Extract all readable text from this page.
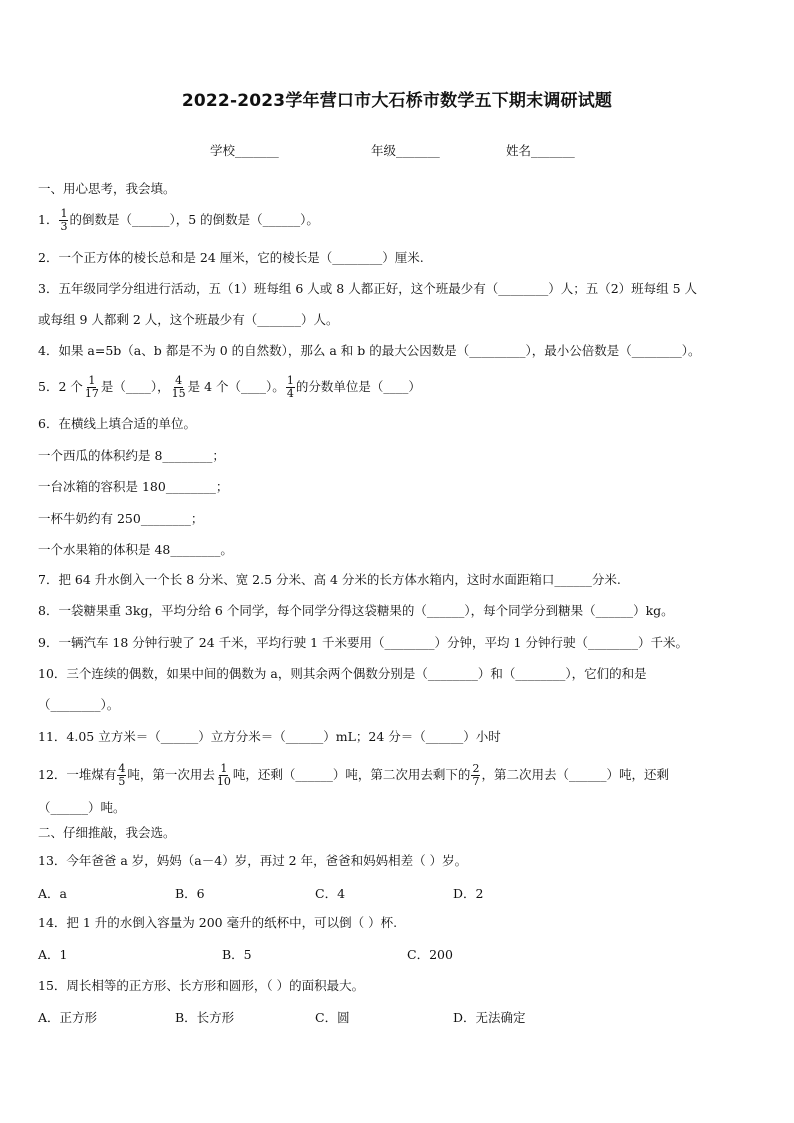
2022-2023学年营口市大石桥市数学五下期末调研试题
学校_______	年级_______	姓名_______
一、用心思考，我会填。
1． $\frac{1}{3}$ 的倒数是（______），5 的倒数是（______）。
2．一个正方体的棱长总和是 24 厘米，它的棱长是（________）厘米.
3．五年级同学分组进行活动，五（1）班每组 6 人或 8 人都正好，这个班最少有（________）人；五（2）班每组 5 人
或每组 9 人都剩 2 人，这个班最少有（_______）人。
4．如果 a=5b（a、b 都是不为 0 的自然数），那么 a 和 b 的最大公因数是（_________），最小公倍数是（________）。
5．2 个 $\frac{1}{17}$ 是（____）， $\frac{4}{15}$ 是 4 个（____）。 $\frac{1}{4}$ 的分数单位是（____）
6．在横线上填合适的单位。
一个西瓜的体积约是 8________；
一台冰箱的容积是 180________；
一杯牛奶约有 250________；
一个水果箱的体积是 48________。
7．把 64 升水倒入一个长 8 分米、宽 2.5 分米、高 4 分米的长方体水箱内，这时水面距箱口______分米.
8．一袋糖果重 3kg，平均分给 6 个同学，每个同学分得这袋糖果的（______），每个同学分到糖果（______）kg。
9．一辆汽车 18 分钟行驶了 24 千米，平均行驶 1 千米要用（________）分钟，平均 1 分钟行驶（________）千米。
10．三个连续的偶数，如果中间的偶数为 a，则其余两个偶数分别是（________）和（________），它们的和是
（________）。
11．4.05 立方米＝（______）立方分米＝（______）mL；24 分＝（______）小时
12．一堆煤有 $\frac{4}{5}$ 吨，第一次用去 $\frac{1}{10}$ 吨，还剩（______）吨，第二次用去剩下的 $\frac{2}{7}$ ，第二次用去（______）吨，还剩
（______）吨。
二、仔细推敲，我会选。
13．今年爸爸 a 岁，妈妈（a－4）岁，再过 2 年，爸爸和妈妈相差（ ）岁。
A．a	B．6	C．4	D．2
14．把 1 升的水倒入容量为 200 毫升的纸杯中，可以倒（ ）杯.
A．1	B．5	C．200
15．周长相等的正方形、长方形和圆形，（ ）的面积最大。
A．正方形	B．长方形	C．圆	D．无法确定
